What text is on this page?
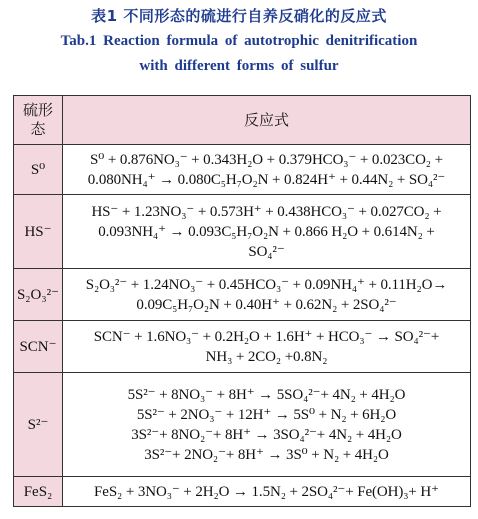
表1 不同形态的硫进行自养反硝化的反应式
Tab.1 Reaction formula of autotrophic denitrification
with different forms of sulfur
硫形
态	反应式
S⁰	S⁰ + 0.876NO₃⁻ + 0.343H₂O + 0.379HCO₃⁻ + 0.023CO₂ +
0.080NH₄⁺ → 0.080C₅H₇O₂N + 0.824H⁺ + 0.44N₂ + SO₄²⁻

HS⁻	HS⁻ + 1.23NO₃⁻ + 0.573H⁺ + 0.438HCO₃⁻ + 0.027CO₂ +
0.093NH₄⁺ → 0.093C₅H₇O₂N + 0.866 H₂O + 0.614N₂ +
SO₄²⁻

S₂O₃²⁻	S₂O₃²⁻ + 1.24NO₃⁻ + 0.45HCO₃⁻ + 0.09NH₄⁺ + 0.11H₂O→
0.09C₅H₇O₂N + 0.40H⁺ + 0.62N₂ + 2SO₄²⁻

SCN⁻	SCN⁻ + 1.6NO₃⁻ + 0.2H₂O + 1.6H⁺ + HCO₃⁻ → SO₄²⁻+
NH₃ + 2CO₂ +0.8N₂

S²⁻	5S²⁻ + 8NO₃⁻ + 8H⁺ → 5SO₄²⁻+ 4N₂ + 4H₂O
5S²⁻ + 2NO₃⁻ + 12H⁺ → 5S⁰ + N₂ + 6H₂O
3S²⁻+ 8NO₂⁻+ 8H⁺ → 3SO₄²⁻+ 4N₂ + 4H₂O
3S²⁻+ 2NO₂⁻+ 8H⁺ → 3S⁰ + N₂ + 4H₂O

FeS₂	FeS₂ + 3NO₃⁻ + 2H₂O → 1.5N₂ + 2SO₄²⁻+ Fe(OH)₃+ H⁺
